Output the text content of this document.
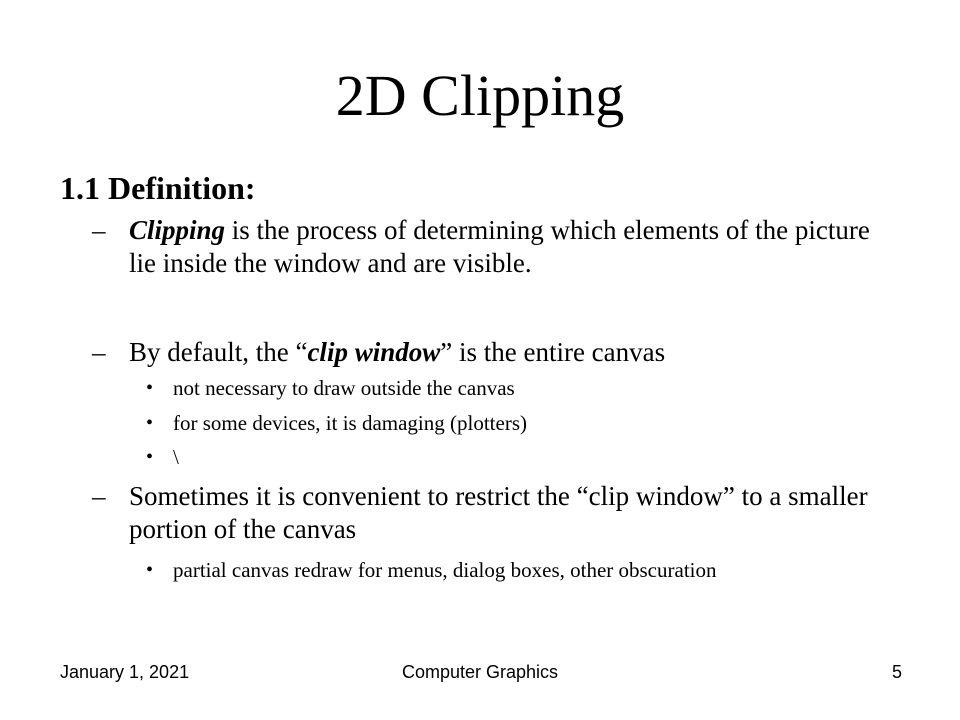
2D Clipping
1.1 Definition:
– Clipping is the process of determining which elements of the picture lie inside the window and are visible.
– By default, the “clip window” is the entire canvas
• not necessary to draw outside the canvas
• for some devices, it is damaging (plotters)
• \
– Sometimes it is convenient to restrict the “clip window” to a smaller portion of the canvas
• partial canvas redraw for menus, dialog boxes, other obscuration
January 1, 2021	Computer Graphics	5
